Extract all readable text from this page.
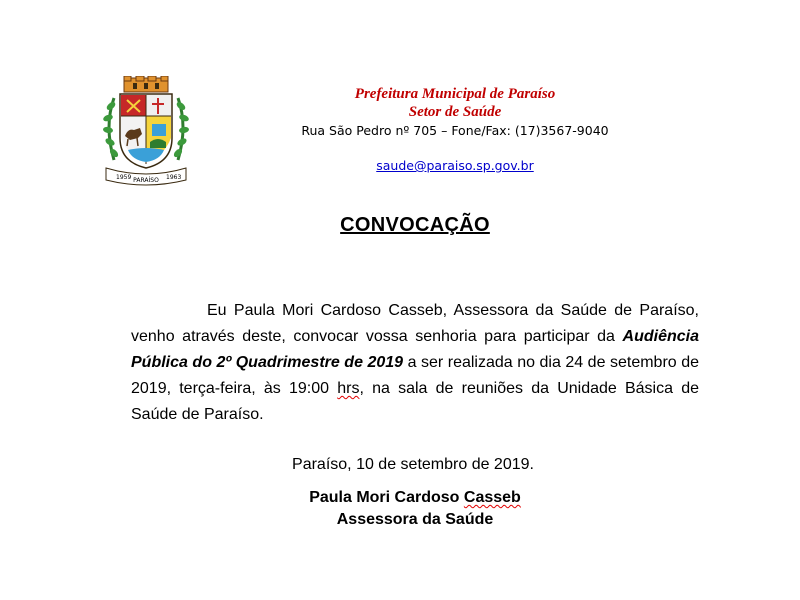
1959 PARAÍSO 1963
Prefeitura Municipal de Paraíso
Setor de Saúde
Rua São Pedro nº 705 – Fone/Fax: (17)3567-9040
saude@paraiso.sp.gov.br
CONVOCAÇÃO
Eu Paula Mori Cardoso Casseb, Assessora da Saúde de Paraíso, venho através deste, convocar vossa senhoria para participar da Audiência Pública do 2º Quadrimestre de 2019 a ser realizada no dia 24 de setembro de 2019, terça-feira, às 19:00 hrs, na sala de reuniões da Unidade Básica de Saúde de Paraíso.
Paraíso, 10 de setembro de 2019.
Paula Mori Cardoso Casseb
Assessora da Saúde
